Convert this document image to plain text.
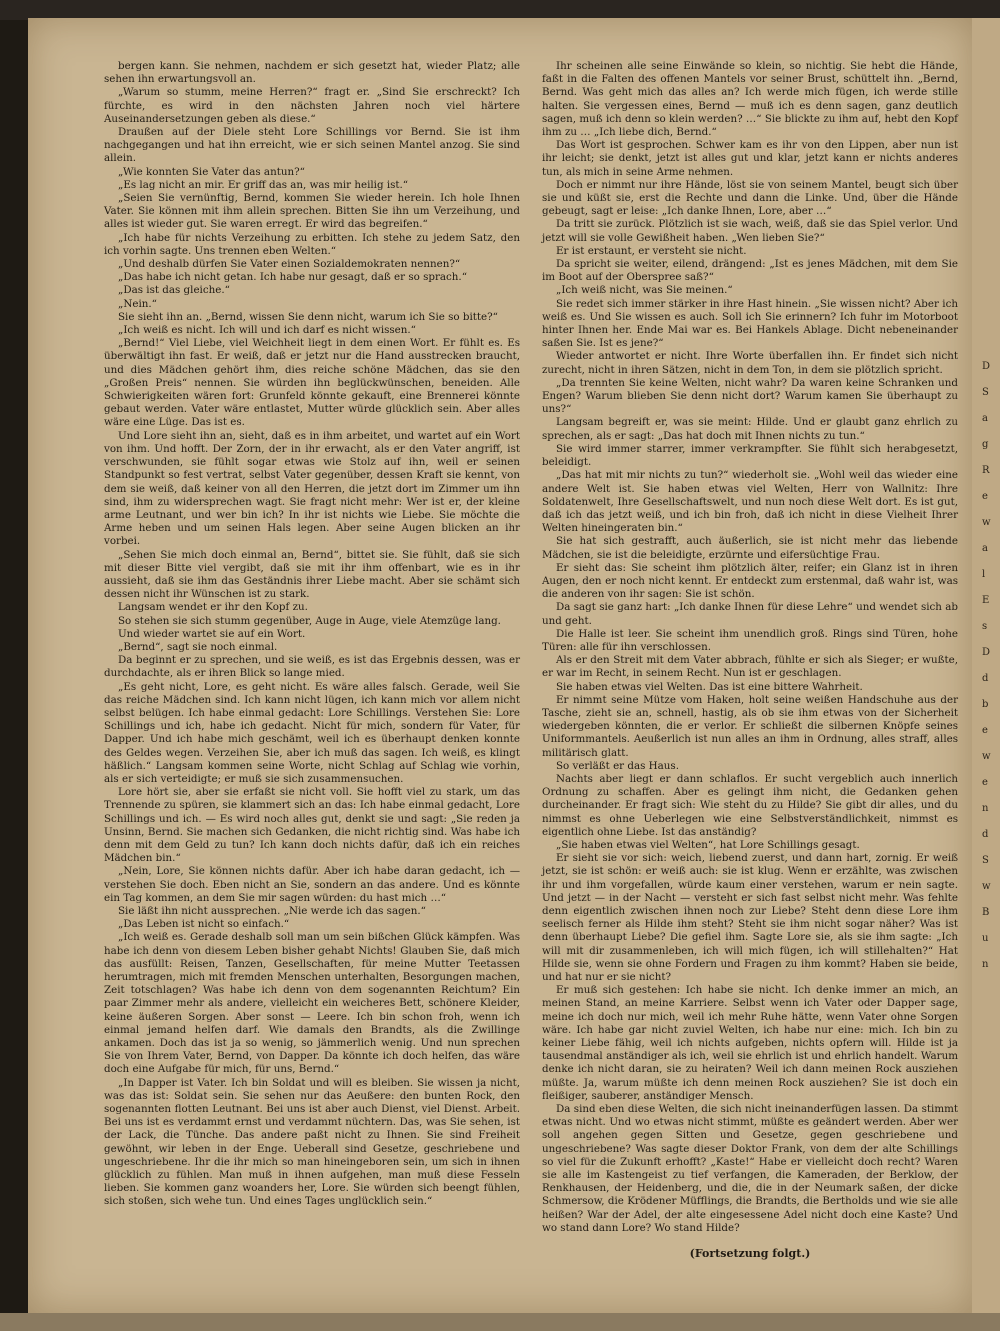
bergen kann. Sie nehmen, nachdem er sich gesetzt hat, wieder Platz; alle sehen ihn erwartungsvoll an.

„Warum so stumm, meine Herren?“ fragt er. „Sind Sie erschreckt? Ich fürchte, es wird in den nächsten Jahren noch viel härtere Auseinandersetzungen geben als diese.“

Draußen auf der Diele steht Lore Schillings vor Bernd. Sie ist ihm nachgegangen und hat ihn erreicht, wie er sich seinen Mantel anzog. Sie sind allein.

„Wie konnten Sie Vater das antun?“

„Es lag nicht an mir. Er griff das an, was mir heilig ist.“

„Seien Sie vernünftig, Bernd, kommen Sie wieder herein. Ich hole Ihnen Vater. Sie können mit ihm allein sprechen. Bitten Sie ihn um Verzeihung, und alles ist wieder gut. Sie waren erregt. Er wird das begreifen.“

„Ich habe für nichts Verzeihung zu erbitten. Ich stehe zu jedem Satz, den ich vorhin sagte. Uns trennen eben Welten.“

„Und deshalb dürfen Sie Vater einen Sozialdemokraten nennen?“

„Das habe ich nicht getan. Ich habe nur gesagt, daß er so sprach.“

„Das ist das gleiche.“

„Nein.“

Sie sieht ihn an. „Bernd, wissen Sie denn nicht, warum ich Sie so bitte?“

„Ich weiß es nicht. Ich will und ich darf es nicht wissen.“

„Bernd!“ Viel Liebe, viel Weichheit liegt in dem einen Wort. Er fühlt es. Es überwältigt ihn fast. Er weiß, daß er jetzt nur die Hand ausstrecken braucht, und dies Mädchen gehört ihm, dies reiche schöne Mädchen, das sie den „Großen Preis“ nennen. Sie würden ihn beglückwünschen, beneiden. Alle Schwierigkeiten wären fort: Grunfeld könnte gekauft, eine Brennerei könnte gebaut werden. Vater wäre entlastet, Mutter würde glücklich sein. Aber alles wäre eine Lüge. Das ist es.

Und Lore sieht ihn an, sieht, daß es in ihm arbeitet, und wartet auf ein Wort von ihm. Und hofft. Der Zorn, der in ihr erwacht, als er den Vater angriff, ist verschwunden, sie fühlt sogar etwas wie Stolz auf ihn, weil er seinen Standpunkt so fest vertrat, selbst Vater gegenüber, dessen Kraft sie kennt, von dem sie weiß, daß keiner von all den Herren, die jetzt dort im Zimmer um ihn sind, ihm zu widersprechen wagt. Sie fragt nicht mehr: Wer ist er, der kleine arme Leutnant, und wer bin ich? In ihr ist nichts wie Liebe. Sie möchte die Arme heben und um seinen Hals legen. Aber seine Augen blicken an ihr vorbei.

„Sehen Sie mich doch einmal an, Bernd“, bittet sie. Sie fühlt, daß sie sich mit dieser Bitte viel vergibt, daß sie mit ihr ihm offenbart, wie es in ihr aussieht, daß sie ihm das Geständnis ihrer Liebe macht. Aber sie schämt sich dessen nicht ihr Wünschen ist zu stark.

Langsam wendet er ihr den Kopf zu.

So stehen sie sich stumm gegenüber, Auge in Auge, viele Atemzüge lang.

Und wieder wartet sie auf ein Wort.

„Bernd“, sagt sie noch einmal.

Da beginnt er zu sprechen, und sie weiß, es ist das Ergebnis dessen, was er durchdachte, als er ihren Blick so lange mied.

„Es geht nicht, Lore, es geht nicht. Es wäre alles falsch. Gerade, weil Sie das reiche Mädchen sind. Ich kann nicht lügen, ich kann mich vor allem nicht selbst belügen. Ich habe einmal gedacht: Lore Schillings. Verstehen Sie: Lore Schillings und ich, habe ich gedacht. Nicht für mich, sondern für Vater, für Dapper. Und ich habe mich geschämt, weil ich es überhaupt denken konnte des Geldes wegen. Verzeihen Sie, aber ich muß das sagen. Ich weiß, es klingt häßlich.“ Langsam kommen seine Worte, nicht Schlag auf Schlag wie vorhin, als er sich verteidigte; er muß sie sich zusammensuchen.

Lore hört sie, aber sie erfaßt sie nicht voll. Sie hofft viel zu stark, um das Trennende zu spüren, sie klammert sich an das: Ich habe einmal gedacht, Lore Schillings und ich. — Es wird noch alles gut, denkt sie und sagt: „Sie reden ja Unsinn, Bernd. Sie machen sich Gedanken, die nicht richtig sind. Was habe ich denn mit dem Geld zu tun? Ich kann doch nichts dafür, daß ich ein reiches Mädchen bin.“

„Nein, Lore, Sie können nichts dafür. Aber ich habe daran gedacht, ich — verstehen Sie doch. Eben nicht an Sie, sondern an das andere. Und es könnte ein Tag kommen, an dem Sie mir sagen würden: du hast mich …“

Sie läßt ihn nicht aussprechen. „Nie werde ich das sagen.“

„Das Leben ist nicht so einfach.“

„Ich weiß es. Gerade deshalb soll man um sein bißchen Glück kämpfen. Was habe ich denn von diesem Leben bisher gehabt Nichts! Glauben Sie, daß mich das ausfüllt: Reisen, Tanzen, Gesellschaften, für meine Mutter Teetassen herumtragen, mich mit fremden Menschen unterhalten, Besorgungen machen, Zeit totschlagen? Was habe ich denn von dem sogenannten Reichtum? Ein paar Zimmer mehr als andere, vielleicht ein weicheres Bett, schönere Kleider, keine äußeren Sorgen. Aber sonst — Leere. Ich bin schon froh, wenn ich einmal jemand helfen darf. Wie damals den Brandts, als die Zwillinge ankamen. Doch das ist ja so wenig, so jämmerlich wenig. Und nun sprechen Sie von Ihrem Vater, Bernd, von Dapper. Da könnte ich doch helfen, das wäre doch eine Aufgabe für mich, für uns, Bernd.“

„In Dapper ist Vater. Ich bin Soldat und will es bleiben. Sie wissen ja nicht, was das ist: Soldat sein. Sie sehen nur das Aeußere: den bunten Rock, den sogenannten flotten Leutnant. Bei uns ist aber auch Dienst, viel Dienst. Arbeit. Bei uns ist es verdammt ernst und verdammt nüchtern. Das, was Sie sehen, ist der Lack, die Tünche. Das andere paßt nicht zu Ihnen. Sie sind Freiheit gewöhnt, wir leben in der Enge. Ueberall sind Gesetze, geschriebene und ungeschriebene. Ihr die ihr mich so man hineingeboren sein, um sich in ihnen glücklich zu fühlen. Man muß in ihnen aufgehen, man muß diese Fesseln lieben. Sie kommen ganz woanders her, Lore. Sie würden sich beengt fühlen, sich stoßen, sich wehe tun. Und eines Tages unglücklich sein.“

Ihr scheinen alle seine Einwände so klein, so nichtig. Sie hebt die Hände, faßt in die Falten des offenen Mantels vor seiner Brust, schüttelt ihn. „Bernd, Bernd. Was geht mich das alles an? Ich werde mich fügen, ich werde stille halten. Sie vergessen eines, Bernd — muß ich es denn sagen, ganz deutlich sagen, muß ich denn so klein werden? …“ Sie blickte zu ihm auf, hebt den Kopf ihm zu … „Ich liebe dich, Bernd.“

Das Wort ist gesprochen. Schwer kam es ihr von den Lippen, aber nun ist ihr leicht; sie denkt, jetzt ist alles gut und klar, jetzt kann er nichts anderes tun, als mich in seine Arme nehmen.

Doch er nimmt nur ihre Hände, löst sie von seinem Mantel, beugt sich über sie und küßt sie, erst die Rechte und dann die Linke. Und, über die Hände gebeugt, sagt er leise: „Ich danke Ihnen, Lore, aber …“

Da tritt sie zurück. Plötzlich ist sie wach, weiß, daß sie das Spiel verlor. Und jetzt will sie volle Gewißheit haben. „Wen lieben Sie?“

Er ist erstaunt, er versteht sie nicht.

Da spricht sie weiter, eilend, drängend: „Ist es jenes Mädchen, mit dem Sie im Boot auf der Oberspree saß?“

„Ich weiß nicht, was Sie meinen.“

Sie redet sich immer stärker in ihre Hast hinein. „Sie wissen nicht? Aber ich weiß es. Und Sie wissen es auch. Soll ich Sie erinnern? Ich fuhr im Motorboot hinter Ihnen her. Ende Mai war es. Bei Hankels Ablage. Dicht nebeneinander saßen Sie. Ist es jene?“

Wieder antwortet er nicht. Ihre Worte überfallen ihn. Er findet sich nicht zurecht, nicht in ihren Sätzen, nicht in dem Ton, in dem sie plötzlich spricht.

„Da trennten Sie keine Welten, nicht wahr? Da waren keine Schranken und Engen? Warum blieben Sie denn nicht dort? Warum kamen Sie überhaupt zu uns?“

Langsam begreift er, was sie meint: Hilde. Und er glaubt ganz ehrlich zu sprechen, als er sagt: „Das hat doch mit Ihnen nichts zu tun.“

Sie wird immer starrer, immer verkrampfter. Sie fühlt sich herabgesetzt, beleidigt.

„Das hat mit mir nichts zu tun?“ wiederholt sie. „Wohl weil das wieder eine andere Welt ist. Sie haben etwas viel Welten, Herr von Wallnitz: Ihre Soldatenwelt, Ihre Gesellschaftswelt, und nun noch diese Welt dort. Es ist gut, daß ich das jetzt weiß, und ich bin froh, daß ich nicht in diese Vielheit Ihrer Welten hineingeraten bin.“

Sie hat sich gestrafft, auch äußerlich, sie ist nicht mehr das liebende Mädchen, sie ist die beleidigte, erzürnte und eifersüchtige Frau.

Er sieht das: Sie scheint ihm plötzlich älter, reifer; ein Glanz ist in ihren Augen, den er noch nicht kennt. Er entdeckt zum erstenmal, daß wahr ist, was die anderen von ihr sagen: Sie ist schön.

Da sagt sie ganz hart: „Ich danke Ihnen für diese Lehre“ und wendet sich ab und geht.

Die Halle ist leer. Sie scheint ihm unendlich groß. Rings sind Türen, hohe Türen: alle für ihn verschlossen.

Als er den Streit mit dem Vater abbrach, fühlte er sich als Sieger; er wußte, er war im Recht, in seinem Recht. Nun ist er geschlagen.

Sie haben etwas viel Welten. Das ist eine bittere Wahrheit.

Er nimmt seine Mütze vom Haken, holt seine weißen Handschuhe aus der Tasche, zieht sie an, schnell, hastig, als ob sie ihm etwas von der Sicherheit wiedergeben könnten, die er verlor. Er schließt die silbernen Knöpfe seines Uniformmantels. Aeußerlich ist nun alles an ihm in Ordnung, alles straff, alles militärisch glatt.

So verläßt er das Haus.

Nachts aber liegt er dann schlaflos. Er sucht vergeblich auch innerlich Ordnung zu schaffen. Aber es gelingt ihm nicht, die Gedanken gehen durcheinander. Er fragt sich: Wie steht du zu Hilde? Sie gibt dir alles, und du nimmst es ohne Ueberlegen wie eine Selbstverständlichkeit, nimmst es eigentlich ohne Liebe. Ist das anständig?

„Sie haben etwas viel Welten“, hat Lore Schillings gesagt.

Er sieht sie vor sich: weich, liebend zuerst, und dann hart, zornig. Er weiß jetzt, sie ist schön: er weiß auch: sie ist klug. Wenn er erzählte, was zwischen ihr und ihm vorgefallen, würde kaum einer verstehen, warum er nein sagte. Und jetzt — in der Nacht — versteht er sich fast selbst nicht mehr. Was fehlte denn eigentlich zwischen ihnen noch zur Liebe? Steht denn diese Lore ihm seelisch ferner als Hilde ihm steht? Steht sie ihm nicht sogar näher? Was ist denn überhaupt Liebe? Die gefiel ihm. Sagte Lore sie, als sie ihm sagte: „Ich will mit dir zusammenleben, ich will mich fügen, ich will stillehalten?“ Hat Hilde sie, wenn sie ohne Fordern und Fragen zu ihm kommt? Haben sie beide, und hat nur er sie nicht?

Er muß sich gestehen: Ich habe sie nicht. Ich denke immer an mich, an meinen Stand, an meine Karriere. Selbst wenn ich Vater oder Dapper sage, meine ich doch nur mich, weil ich mehr Ruhe hätte, wenn Vater ohne Sorgen wäre. Ich habe gar nicht zuviel Welten, ich habe nur eine: mich. Ich bin zu keiner Liebe fähig, weil ich nichts aufgeben, nichts opfern will. Hilde ist ja tausendmal anständiger als ich, weil sie ehrlich ist und ehrlich handelt. Warum denke ich nicht daran, sie zu heiraten? Weil ich dann meinen Rock ausziehen müßte. Ja, warum müßte ich denn meinen Rock ausziehen? Sie ist doch ein fleißiger, sauberer, anständiger Mensch.

Da sind eben diese Welten, die sich nicht ineinanderfügen lassen. Da stimmt etwas nicht. Und wo etwas nicht stimmt, müßte es geändert werden. Aber wer soll angehen gegen Sitten und Gesetze, gegen geschriebene und ungeschriebene? Was sagte dieser Doktor Frank, von dem der alte Schillings so viel für die Zukunft erhofft? „Kaste!“ Habe er vielleicht doch recht? Waren sie alle im Kastengeist zu tief verfangen, die Kameraden, der Berklow, der Renkhausen, der Heidenberg, und die, die in der Neumark saßen, der dicke Schmersow, die Krödener Müfflings, die Brandts, die Bertholds und wie sie alle heißen? War der Adel, der alte eingesessene Adel nicht doch eine Kaste? Und wo stand dann Lore? Wo stand Hilde?

(Fortsetzung folgt.)
D
S
a
g
R
e
w
a
l
E
s
D
d
b
e
w
e
n
d
S
w
B
u
n
